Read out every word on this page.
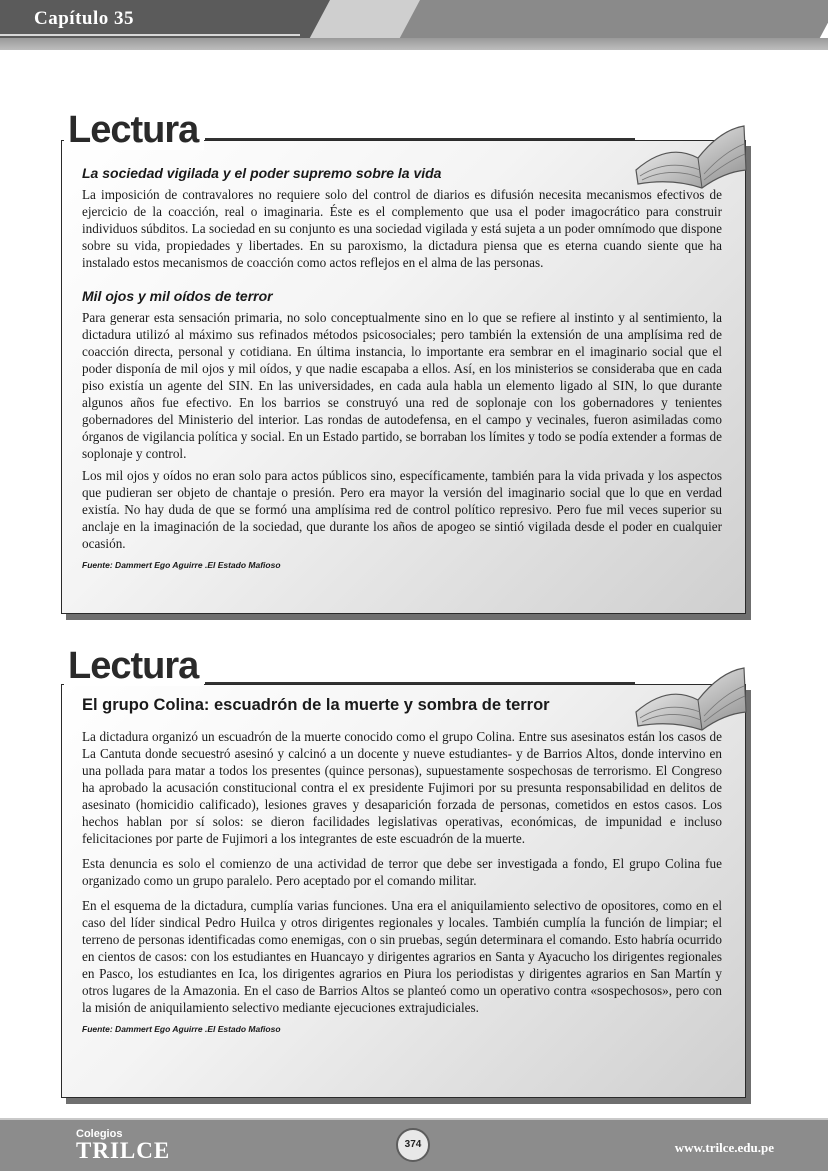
Capítulo 35
Lectura

La sociedad vigilada y el poder supremo sobre la vida

La imposición de contravalores no requiere solo del control de diarios es difusión necesita mecanismos efectivos de ejercicio de la coacción, real o imaginaria. Éste es el complemento que usa el poder imagocrático para construir individuos súbditos. La sociedad en su conjunto es una sociedad vigilada y está sujeta a un poder omnímodo que dispone sobre su vida, propiedades y libertades. En su paroxismo, la dictadura piensa que es eterna cuando siente que ha instalado estos mecanismos de coacción como actos reflejos en el alma de las personas.

Mil ojos y mil oídos de terror

Para generar esta sensación primaria, no solo conceptualmente sino en lo que se refiere al instinto y al sentimiento, la dictadura utilizó al máximo sus refinados métodos psicosociales; pero también la extensión de una amplísima red de coacción directa, personal y cotidiana. En última instancia, lo importante era sembrar en el imaginario social que el poder disponía de mil ojos y mil oídos, y que nadie escapaba a ellos. Así, en los ministerios se consideraba que en cada piso existía un agente del SIN. En las universidades, en cada aula habla un elemento ligado al SIN, lo que durante algunos años fue efectivo. En los barrios se construyó una red de soplonaje con los gobernadores y tenientes gobernadores del Ministerio del interior. Las rondas de autodefensa, en el campo y vecinales, fueron asimiladas como órganos de vigilancia política y social. En un Estado partido, se borraban los límites y todo se podía extender a formas de soplonaje y control.

Los mil ojos y oídos no eran solo para actos públicos sino, específicamente, también para la vida privada y los aspectos que pudieran ser objeto de chantaje o presión. Pero era mayor la versión del imaginario social que lo que en verdad existía. No hay duda de que se formó una amplísima red de control político represivo. Pero fue mil veces superior su anclaje en la imaginación de la sociedad, que durante los años de apogeo se sintió vigilada desde el poder en cualquier ocasión.

Fuente: Dammert Ego Aguirre .El Estado Mafioso
Lectura

El grupo Colina: escuadrón de la muerte y sombra de terror

La dictadura organizó un escuadrón de la muerte conocido como el grupo Colina. Entre sus asesinatos están los casos de La Cantuta donde secuestró asesinó y calcinó a un docente y nueve estudiantes- y de Barrios Altos, donde intervino en una pollada para matar a todos los presentes (quince personas), supuestamente sospechosas de terrorismo. El Congreso ha aprobado la acusación constitucional contra el ex presidente Fujimori por su presunta responsabilidad en delitos de asesinato (homicidio calificado), lesiones graves y desaparición forzada de personas, cometidos en estos casos. Los hechos hablan por sí solos: se dieron facilidades legislativas operativas, económicas, de impunidad e incluso felicitaciones por parte de Fujimori a los integrantes de este escuadrón de la muerte.

Esta denuncia es solo el comienzo de una actividad de terror que debe ser investigada a fondo, El grupo Colina fue organizado como un grupo paralelo. Pero aceptado por el comando militar.

En el esquema de la dictadura, cumplía varias funciones. Una era el aniquilamiento selectivo de opositores, como en el caso del líder sindical Pedro Huilca y otros dirigentes regionales y locales. También cumplía la función de limpiar; el terreno de personas identificadas como enemigas, con o sin pruebas, según determinara el comando. Esto habría ocurrido en cientos de casos: con los estudiantes en Huancayo y dirigentes agrarios en Santa y Ayacucho los dirigentes regionales en Pasco, los estudiantes en Ica, los dirigentes agrarios en Piura los periodistas y dirigentes agrarios en San Martín y otros lugares de la Amazonia. En el caso de Barrios Altos se planteó como un operativo contra «sospechosos», pero con la misión de aniquilamiento selectivo mediante ejecuciones extrajudiciales.

Fuente: Dammert Ego Aguirre .El Estado Mafioso
Colegios
TRILCE	374	www.trilce.edu.pe
